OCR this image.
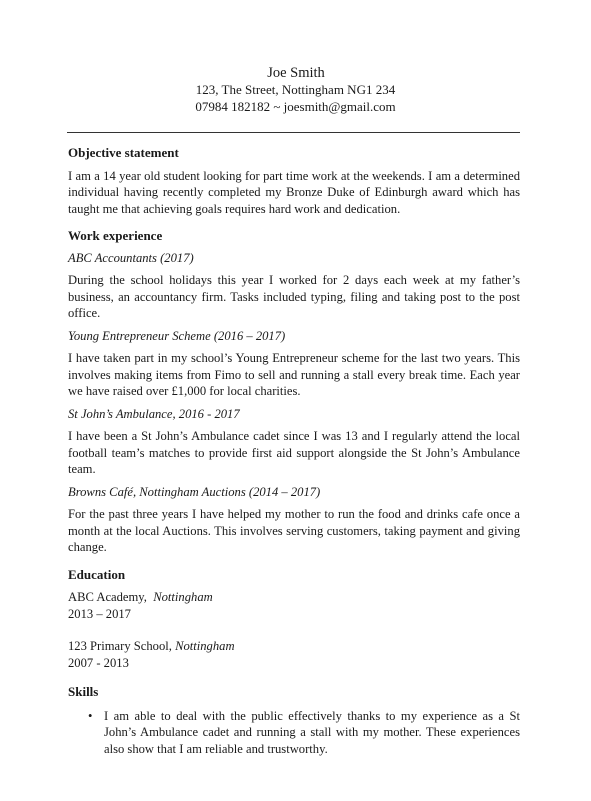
Joe Smith
123, The Street, Nottingham NG1 234
07984 182182 ~ joesmith@gmail.com

Objective statement

I am a 14 year old student looking for part time work at the weekends. I am a determined individual having recently completed my Bronze Duke of Edinburgh award which has taught me that achieving goals requires hard work and dedication.

Work experience

ABC Accountants (2017)

During the school holidays this year I worked for 2 days each week at my father’s business, an accountancy firm. Tasks included typing, filing and taking post to the post office.

Young Entrepreneur Scheme (2016 – 2017)

I have taken part in my school’s Young Entrepreneur scheme for the last two years. This involves making items from Fimo to sell and running a stall every break time. Each year we have raised over £1,000 for local charities.

St John’s Ambulance, 2016 - 2017

I have been a St John’s Ambulance cadet since I was 13 and I regularly attend the local football team’s matches to provide first aid support alongside the St John’s Ambulance team.

Browns Café, Nottingham Auctions (2014 – 2017)

For the past three years I have helped my mother to run the food and drinks cafe once a month at the local Auctions. This involves serving customers, taking payment and giving change.

Education

ABC Academy, Nottingham

2013 – 2017

123 Primary School, Nottingham

2007 - 2013

Skills

• I am able to deal with the public effectively thanks to my experience as a St John’s Ambulance cadet and running a stall with my mother. These experiences also show that I am reliable and trustworthy.
